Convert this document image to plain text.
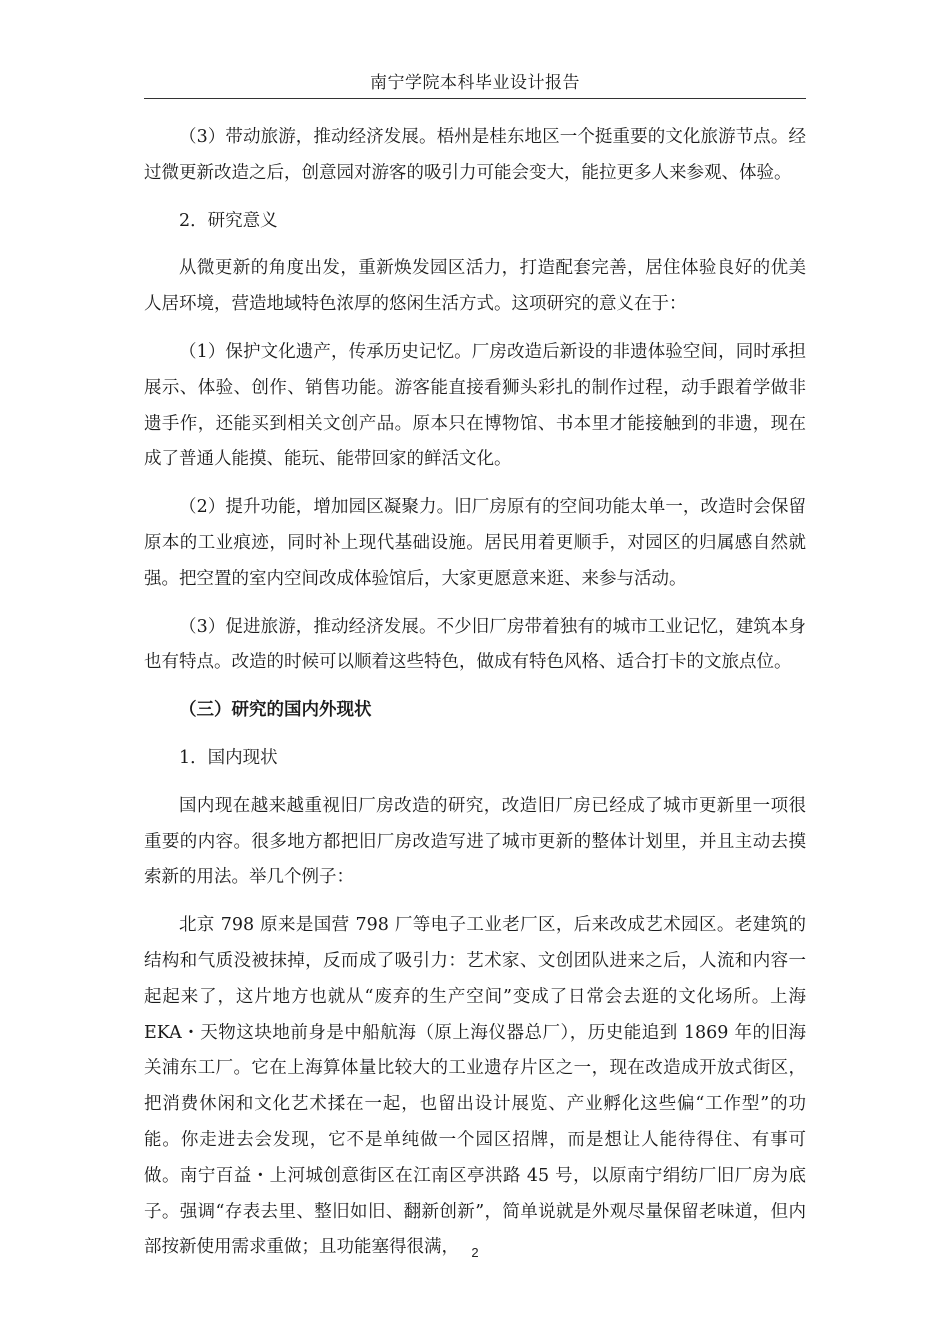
南宁学院本科毕业设计报告

（3）带动旅游，推动经济发展。梧州是桂东地区一个挺重要的文化旅游节点。经过微更新改造之后，创意园对游客的吸引力可能会变大，能拉更多人来参观、体验。

2．研究意义

从微更新的角度出发，重新焕发园区活力，打造配套完善，居住体验良好的优美人居环境，营造地域特色浓厚的悠闲生活方式。这项研究的意义在于：

（1）保护文化遗产，传承历史记忆。厂房改造后新设的非遗体验空间，同时承担展示、体验、创作、销售功能。游客能直接看狮头彩扎的制作过程，动手跟着学做非遗手作，还能买到相关文创产品。原本只在博物馆、书本里才能接触到的非遗，现在成了普通人能摸、能玩、能带回家的鲜活文化。

（2）提升功能，增加园区凝聚力。旧厂房原有的空间功能太单一，改造时会保留原本的工业痕迹，同时补上现代基础设施。居民用着更顺手，对园区的归属感自然就强。把空置的室内空间改成体验馆后，大家更愿意来逛、来参与活动。

（3）促进旅游，推动经济发展。不少旧厂房带着独有的城市工业记忆，建筑本身也有特点。改造的时候可以顺着这些特色，做成有特色风格、适合打卡的文旅点位。

（三）研究的国内外现状

1．国内现状

国内现在越来越重视旧厂房改造的研究，改造旧厂房已经成了城市更新里一项很重要的内容。很多地方都把旧厂房改造写进了城市更新的整体计划里，并且主动去摸索新的用法。举几个例子：

北京 798 原来是国营 798 厂等电子工业老厂区，后来改成艺术园区。老建筑的结构和气质没被抹掉，反而成了吸引力：艺术家、文创团队进来之后，人流和内容一起起来了，这片地方也就从“废弃的生产空间”变成了日常会去逛的文化场所。上海 EKA・天物这块地前身是中船航海（原上海仪器总厂），历史能追到 1869 年的旧海关浦东工厂。它在上海算体量比较大的工业遗存片区之一，现在改造成开放式街区，把消费休闲和文化艺术揉在一起，也留出设计展览、产业孵化这些偏“工作型”的功能。你走进去会发现，它不是单纯做一个园区招牌，而是想让人能待得住、有事可做。南宁百益・上河城创意街区在江南区亭洪路 45 号，以原南宁绢纺厂旧厂房为底子。强调“存表去里、整旧如旧、翻新创新”，简单说就是外观尽量保留老味道，但内部按新使用需求重做；且功能塞得很满， 2
